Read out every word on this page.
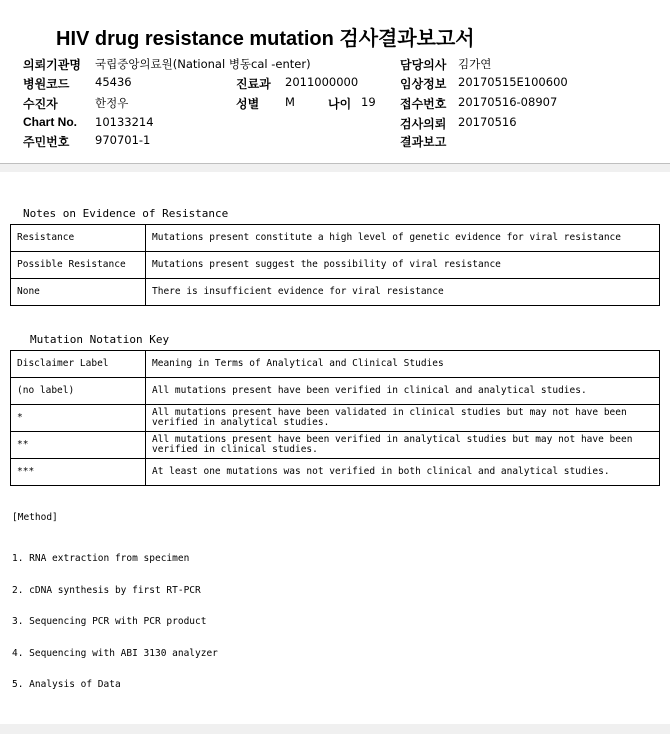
HIV drug resistance mutation 검사결과보고서
의뢰기관명 국립중앙의료원(National 병동cal ‐enter)	담당의사 김가연
병원코드 45436	진료과 2011000000	임상정보 20170515E100600
수진자	한정우	성별 M	나이 19 접수번호 20170516-08907
Chart No. 10133214	검사의뢰 20170516
주민번호 970701-1	결과보고
Notes on Evidence of Resistance
Resistance	Mutations present constitute a high level of genetic evidence for viral resistance
Possible Resistance	Mutations present suggest the possibility of viral resistance
None	There is insufficient evidence for viral resistance
Mutation Notation Key
Disclaimer Label	Meaning in Terms of Analytical and Clinical Studies
(no label)	All mutations present have been verified in clinical and analytical studies.
*	All mutations present have been validated in clinical studies but may not have been verified in analytical studies.
**	All mutations present have been verified in analytical studies but may not have been verified in clinical studies.
***	At least one mutations was not verified in both clinical and analytical studies.
[Method]

1. RNA extraction from specimen

2. cDNA synthesis by first RT-PCR

3. Sequencing PCR with PCR product

4. Sequencing with ABI 3130 analyzer

5. Analysis of Data
